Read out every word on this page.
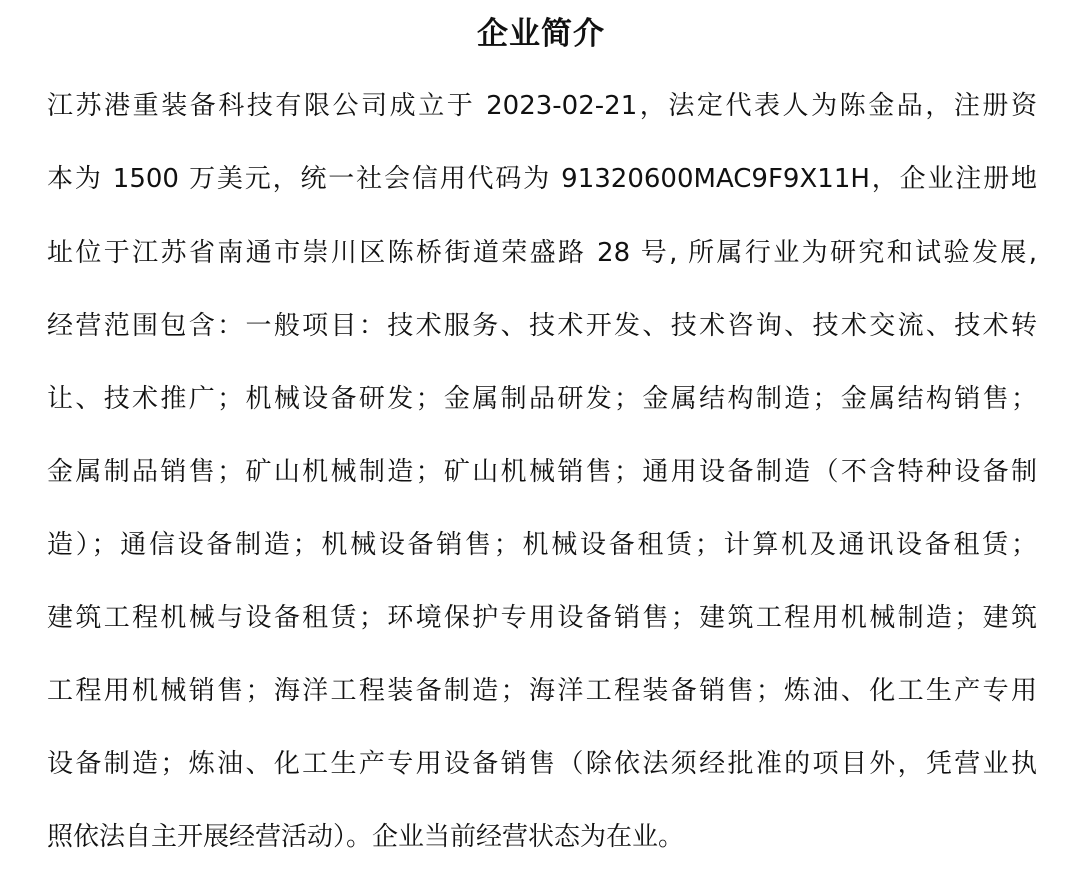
企业简介

江苏港重装备科技有限公司成立于 2023-02-21，法定代表人为陈金品，注册资

本为 1500 万美元，统一社会信用代码为 91320600MAC9F9X11H，企业注册地

址位于江苏省南通市崇川区陈桥街道荣盛路 28 号, 所属行业为研究和试验发展,

经营范围包含：一般项目：技术服务、技术开发、技术咨询、技术交流、技术转

让、技术推广；机械设备研发；金属制品研发；金属结构制造；金属结构销售；

金属制品销售；矿山机械制造；矿山机械销售；通用设备制造（不含特种设备制

造）；通信设备制造；机械设备销售；机械设备租赁；计算机及通讯设备租赁；

建筑工程机械与设备租赁；环境保护专用设备销售；建筑工程用机械制造；建筑

工程用机械销售；海洋工程装备制造；海洋工程装备销售；炼油、化工生产专用

设备制造；炼油、化工生产专用设备销售（除依法须经批准的项目外，凭营业执

照依法自主开展经营活动）。企业当前经营状态为在业。
